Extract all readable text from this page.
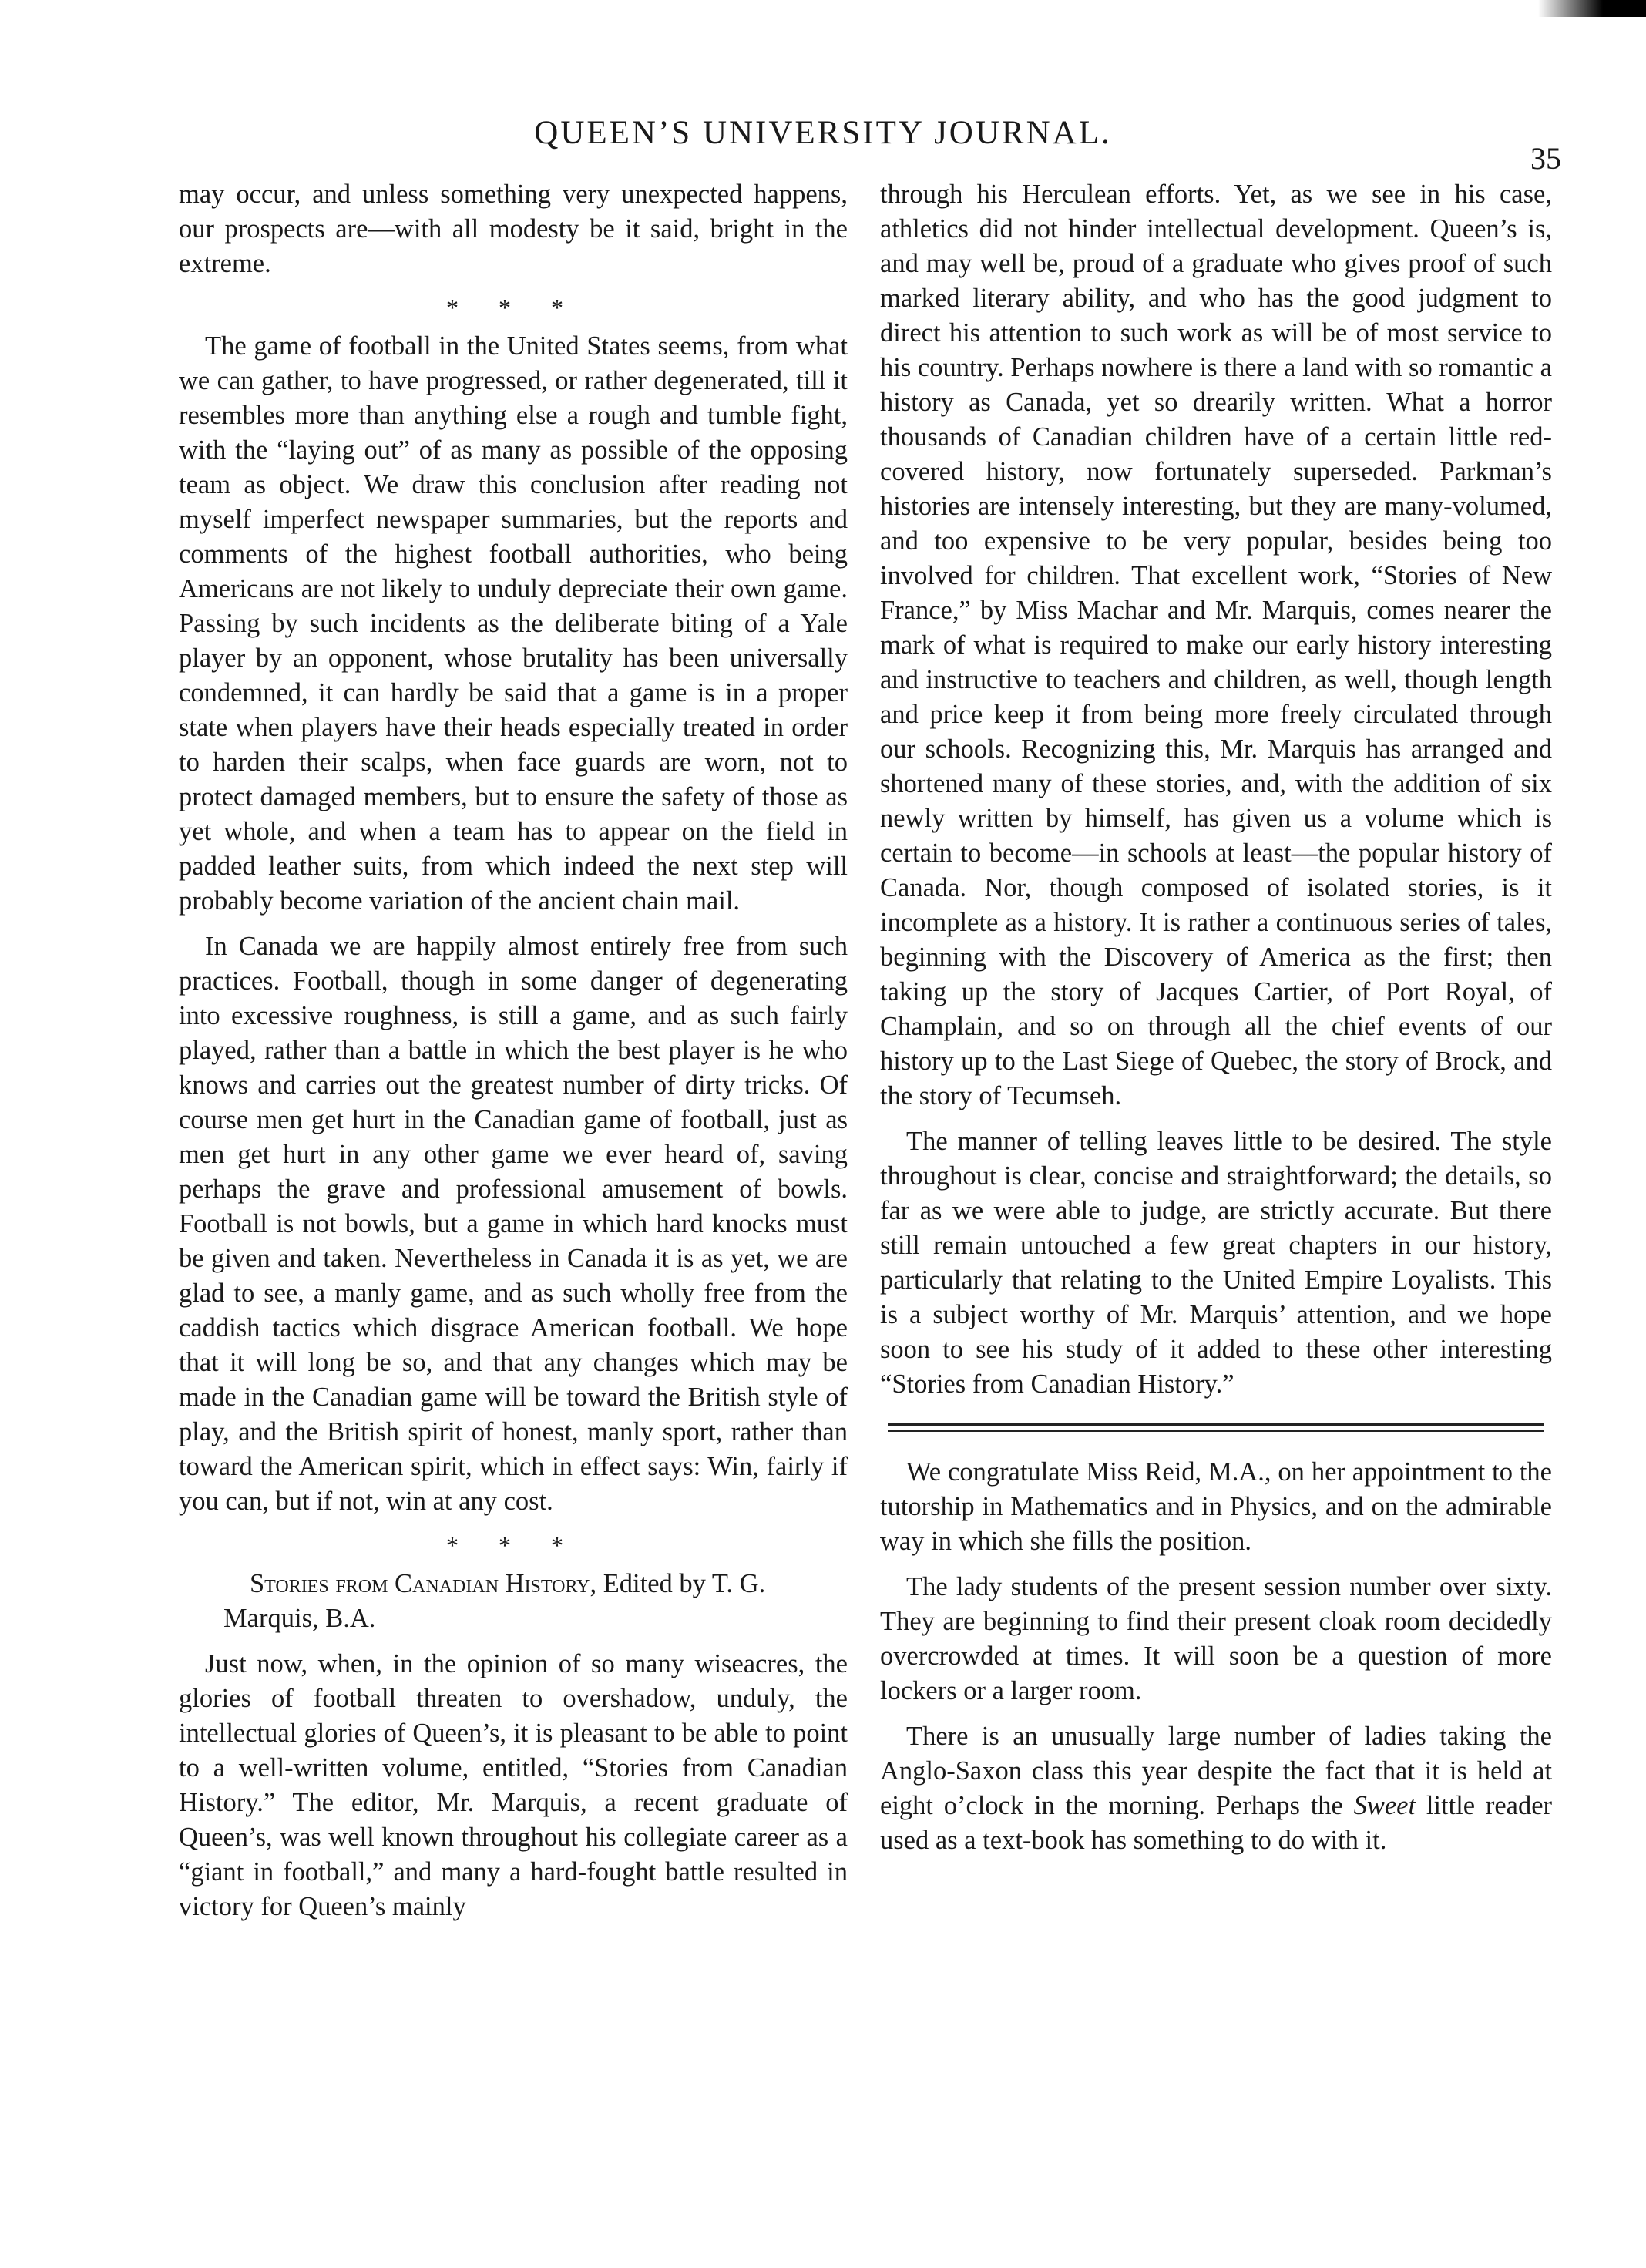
QUEEN’S UNIVERSITY JOURNAL.
35

may occur, and unless something very unexpected happens, our prospects are—with all modesty be it said, bright in the extreme.

* * *

The game of football in the United States seems, from what we can gather, to have progressed, or rather degenerated, till it resembles more than anything else a rough and tumble fight, with the “laying out” of as many as possible of the opposing team as object. We draw this conclusion after reading not myself imperfect newspaper summaries, but the reports and comments of the highest football authorities, who being Americans are not likely to unduly depreciate their own game. Passing by such incidents as the deliberate biting of a Yale player by an opponent, whose brutality has been universally condemned, it can hardly be said that a game is in a proper state when players have their heads especially treated in order to harden their scalps, when face guards are worn, not to protect damaged members, but to ensure the safety of those as yet whole, and when a team has to appear on the field in padded leather suits, from which indeed the next step will probably become variation of the ancient chain mail.

In Canada we are happily almost entirely free from such practices. Football, though in some danger of degenerating into excessive roughness, is still a game, and as such fairly played, rather than a battle in which the best player is he who knows and carries out the greatest number of dirty tricks. Of course men get hurt in the Canadian game of football, just as men get hurt in any other game we ever heard of, saving perhaps the grave and professional amusement of bowls. Football is not bowls, but a game in which hard knocks must be given and taken. Nevertheless in Canada it is as yet, we are glad to see, a manly game, and as such wholly free from the caddish tactics which disgrace American football. We hope that it will long be so, and that any changes which may be made in the Canadian game will be toward the British style of play, and the British spirit of honest, manly sport, rather than toward the American spirit, which in effect says: Win, fairly if you can, but if not, win at any cost.

* * *

Stories from Canadian History, Edited by T. G. Marquis, B.A.

Just now, when, in the opinion of so many wiseacres, the glories of football threaten to overshadow, unduly, the intellectual glories of Queen’s, it is pleasant to be able to point to a well-written volume, entitled, “Stories from Canadian History.” The editor, Mr. Marquis, a recent graduate of Queen’s, was well known throughout his collegiate career as a “giant in football,” and many a hard-fought battle resulted in victory for Queen’s mainly

through his Herculean efforts. Yet, as we see in his case, athletics did not hinder intellectual development. Queen’s is, and may well be, proud of a graduate who gives proof of such marked literary ability, and who has the good judgment to direct his attention to such work as will be of most service to his country. Perhaps nowhere is there a land with so romantic a history as Canada, yet so drearily written. What a horror thousands of Canadian children have of a certain little red-covered history, now fortunately superseded. Parkman’s histories are intensely interesting, but they are many-volumed, and too expensive to be very popular, besides being too involved for children. That excellent work, “Stories of New France,” by Miss Machar and Mr. Marquis, comes nearer the mark of what is required to make our early history interesting and instructive to teachers and children, as well, though length and price keep it from being more freely circulated through our schools. Recognizing this, Mr. Marquis has arranged and shortened many of these stories, and, with the addition of six newly written by himself, has given us a volume which is certain to become—in schools at least—the popular history of Canada. Nor, though composed of isolated stories, is it incomplete as a history. It is rather a continuous series of tales, beginning with the Discovery of America as the first; then taking up the story of Jacques Cartier, of Port Royal, of Champlain, and so on through all the chief events of our history up to the Last Siege of Quebec, the story of Brock, and the story of Tecumseh.

The manner of telling leaves little to be desired. The style throughout is clear, concise and straightforward; the details, so far as we were able to judge, are strictly accurate. But there still remain untouched a few great chapters in our history, particularly that relating to the United Empire Loyalists. This is a subject worthy of Mr. Marquis’ attention, and we hope soon to see his study of it added to these other interesting “Stories from Canadian History.”

We congratulate Miss Reid, M.A., on her appointment to the tutorship in Mathematics and in Physics, and on the admirable way in which she fills the position.

The lady students of the present session number over sixty. They are beginning to find their present cloak room decidedly overcrowded at times. It will soon be a question of more lockers or a larger room.

There is an unusually large number of ladies taking the Anglo-Saxon class this year despite the fact that it is held at eight o’clock in the morning. Perhaps the Sweet little reader used as a text-book has something to do with it.
